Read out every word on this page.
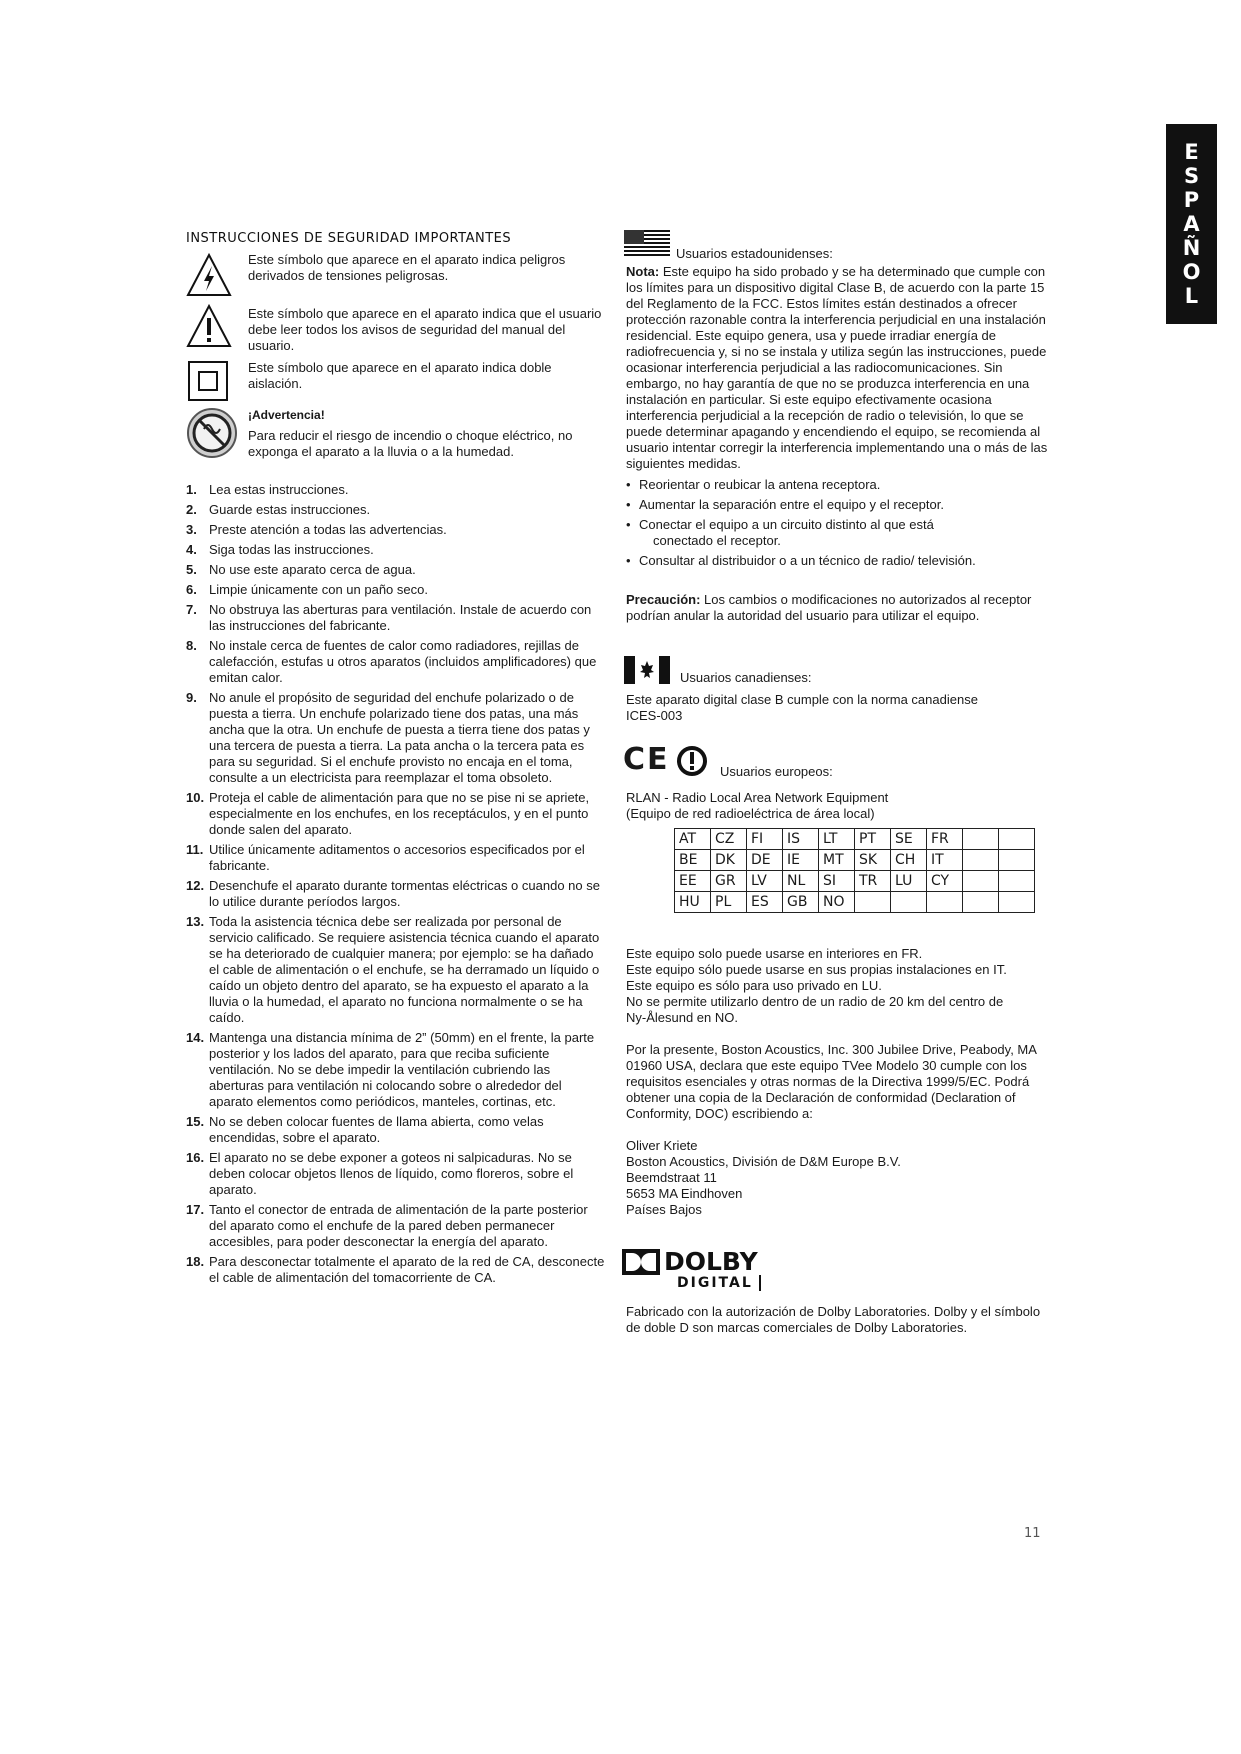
E
S
P
A
Ñ
O
L
INSTRUCCIONES DE SEGURIDAD IMPORTANTES
Este símbolo que aparece en el aparato indica peligros derivados de tensiones peligrosas.
Este símbolo que aparece en el aparato indica que el usuario debe leer todos los avisos de seguridad del manual del usuario.
Este símbolo que aparece en el aparato indica doble aislación.
¡Advertencia!
Para reducir el riesgo de incendio o choque eléctrico, no exponga el aparato a la lluvia o a la humedad.
1. Lea estas instrucciones.
2. Guarde estas instrucciones.
3. Preste atención a todas las advertencias.
4. Siga todas las instrucciones.
5. No use este aparato cerca de agua.
6. Limpie únicamente con un paño seco.
7. No obstruya las aberturas para ventilación. Instale de acuerdo con las instrucciones del fabricante.
8. No instale cerca de fuentes de calor como radiadores, rejillas de calefacción, estufas u otros aparatos (incluidos amplificadores) que emitan calor.
9. No anule el propósito de seguridad del enchufe polarizado o de puesta a tierra. Un enchufe polarizado tiene dos patas, una más ancha que la otra. Un enchufe de puesta a tierra tiene dos patas y una tercera de puesta a tierra. La pata ancha o la tercera pata es para su seguridad. Si el enchufe provisto no encaja en el toma, consulte a un electricista para reemplazar el toma obsoleto.
10. Proteja el cable de alimentación para que no se pise ni se apriete, especialmente en los enchufes, en los receptáculos, y en el punto donde salen del aparato.
11. Utilice únicamente aditamentos o accesorios especificados por el fabricante.
12. Desenchufe el aparato durante tormentas eléctricas o cuando no se lo utilice durante períodos largos.
13. Toda la asistencia técnica debe ser realizada por personal de servicio calificado. Se requiere asistencia técnica cuando el aparato se ha deteriorado de cualquier manera; por ejemplo: se ha dañado el cable de alimentación o el enchufe, se ha derramado un líquido o caído un objeto dentro del aparato, se ha expuesto el aparato a la lluvia o la humedad, el aparato no funciona normalmente o se ha caído.
14. Mantenga una distancia mínima de 2” (50mm) en el frente, la parte posterior y los lados del aparato, para que reciba suficiente ventilación. No se debe impedir la ventilación cubriendo las aberturas para ventilación ni colocando sobre o alrededor del aparato elementos como periódicos, manteles, cortinas, etc.
15. No se deben colocar fuentes de llama abierta, como velas encendidas, sobre el aparato.
16. El aparato no se debe exponer a goteos ni salpicaduras. No se deben colocar objetos llenos de líquido, como floreros, sobre el aparato.
17. Tanto el conector de entrada de alimentación de la parte posterior del aparato como el enchufe de la pared deben permanecer accesibles, para poder desconectar la energía del aparato.
18. Para desconectar totalmente el aparato de la red de CA, desconecte el cable de alimentación del tomacorriente de CA.
Usuarios estadounidenses:

Nota: Este equipo ha sido probado y se ha determinado que cumple con los límites para un dispositivo digital Clase B, de acuerdo con la parte 15 del Reglamento de la FCC. Estos límites están destinados a ofrecer protección razonable contra la interferencia perjudicial en una instalación residencial. Este equipo genera, usa y puede irradiar energía de radiofrecuencia y, si no se instala y utiliza según las instrucciones, puede ocasionar interferencia perjudicial a las radiocomunicaciones. Sin embargo, no hay garantía de que no se produzca interferencia en una instalación en particular. Si este equipo efectivamente ocasiona interferencia perjudicial a la recepción de radio o televisión, lo que se puede determinar apagando y encendiendo el equipo, se recomienda al usuario intentar corregir la interferencia implementando una o más de las siguientes medidas.

• Reorientar o reubicar la antena receptora.
• Aumentar la separación entre el equipo y el receptor.
• Conectar el equipo a un circuito distinto al que está
conectado el receptor.
• Consultar al distribuidor o a un técnico de radio/ televisión.

Precaución: Los cambios o modificaciones no autorizados al receptor podrían anular la autoridad del usuario para utilizar el equipo.

Usuarios canadienses:
Este aparato digital clase B cumple con la norma canadiense ICES-003
CE	Usuarios europeos:
RLAN - Radio Local Area Network Equipment
(Equipo de red radioeléctrica de área local)
AT	CZ	FI	IS	LT	PT	SE	FR		
BE	DK	DE	IE	MT	SK	CH	IT		
EE	GR	LV	NL	SI	TR	LU	CY		
HU	PL	ES	GB	NO					

Este equipo solo puede usarse en interiores en FR.

Este equipo sólo puede usarse en sus propias instalaciones en IT.

Este equipo es sólo para uso privado en LU.

No se permite utilizarlo dentro de un radio de 20 km del centro de Ny-Ålesund en NO.

Por la presente, Boston Acoustics, Inc. 300 Jubilee Drive, Peabody, MA 01960 USA, declara que este equipo TVee Modelo 30 cumple con los requisitos esenciales y otras normas de la Directiva 1999/5/EC. Podrá obtener una copia de la Declaración de conformidad (Declaration of Conformity, DOC) escribiendo a:

Oliver Kriete

Boston Acoustics, División de D&M Europe B.V.

Beemdstraat 11

5653 MA Eindhoven

Países Bajos

DOLBY
DIGITAL
Fabricado con la autorización de Dolby Laboratories. Dolby y el símbolo de doble D son marcas comerciales de Dolby Laboratories.
11
